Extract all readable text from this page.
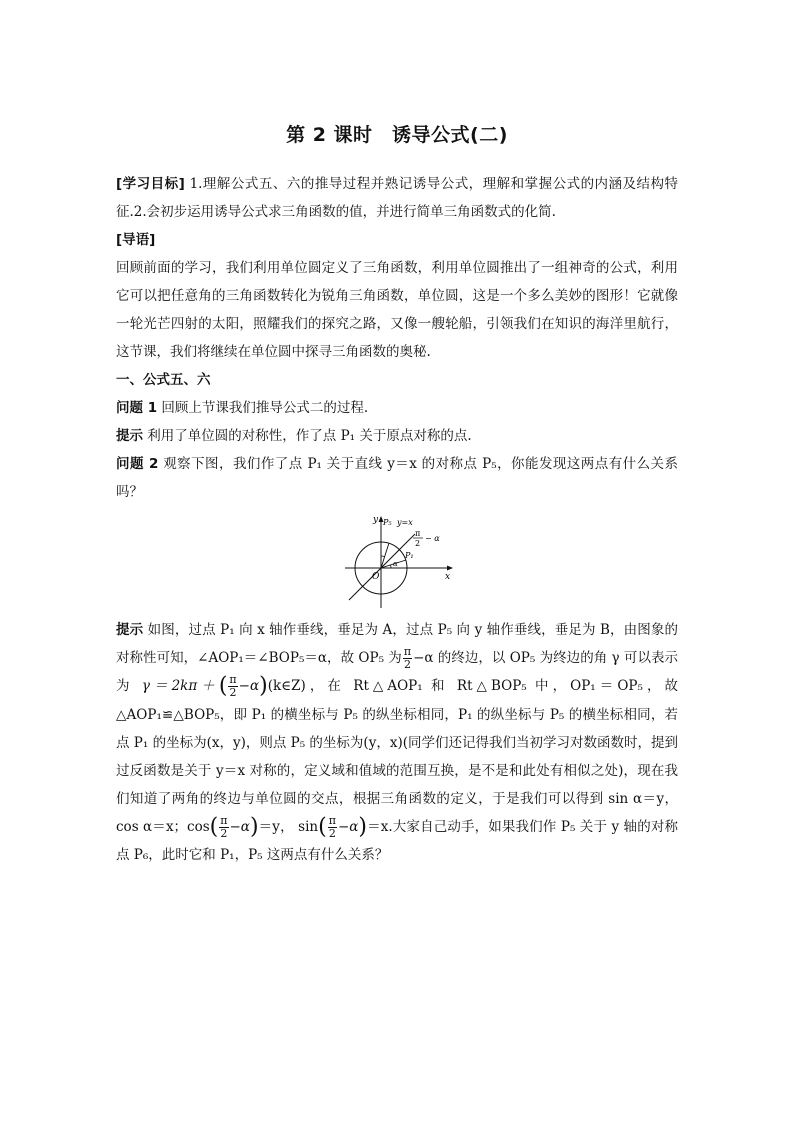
第 2 课时　诱导公式(二)

[学习目标] 1.理解公式五、六的推导过程并熟记诱导公式，理解和掌握公式的内涵及结构特征.2.会初步运用诱导公式求三角函数的值，并进行简单三角函数式的化简.

[导语]

回顾前面的学习，我们利用单位圆定义了三角函数，利用单位圆推出了一组神奇的公式，利用它可以把任意角的三角函数转化为锐角三角函数，单位圆，这是一个多么美妙的图形！它就像一轮光芒四射的太阳，照耀我们的探究之路，又像一艘轮船，引领我们在知识的海洋里航行，这节课，我们将继续在单位圆中探寻三角函数的奥秘.

一、公式五、六

问题 1 回顾上节课我们推导公式二的过程.

提示 利用了单位圆的对称性，作了点 P₁ 关于原点对称的点.

问题 2 观察下图，我们作了点 P₁ 关于直线 y＝x 的对称点 P₅，你能发现这两点有什么关系吗？

y
x
O
P₅ y=x
π
2
− α
α
P₁

提示 如图，过点 P₁ 向 x 轴作垂线，垂足为 A，过点 P₅ 向 y 轴作垂线，垂足为 B，由图象的对称性可知，∠AOP₁＝∠BOP₅＝α，故 OP₅ 为 $\frac{\pi}{2} -\alpha$ 的终边，以 OP₅ 为终边的角 γ 可以表示为 $\gamma=2k\pi+( \frac{\pi}{2}$ −α)(k∈Z)，在 Rt△AOP₁ 和 Rt△BOP₅ 中，OP₁＝OP₅，故△AOP₁≌△BOP₅，即 P₁ 的横坐标与 P₅ 的纵坐标相同，P₁ 的纵坐标与 P₅ 的横坐标相同，若点 P₁ 的坐标为(x，y)，则点 P₅ 的坐标为(y，x)(同学们还记得我们当初学习对数函数时，提到过反函数是关于 y＝x 对称的，定义域和值域的范围互换，是不是和此处有相似之处)，现在我们知道了两角的终边与单位圆的交点，根据三角函数的定义，于是我们可以得到 sin α＝y，cos α＝x；$\cos( \frac{\pi}{2} -\alpha)=y$， $\sin( \frac{\pi}{2} -\alpha)=x$.大家自己动手，如果我们作 P₅ 关于 y 轴的对称点 P₆，此时它和 P₁，P₅ 这两点有什么关系？
